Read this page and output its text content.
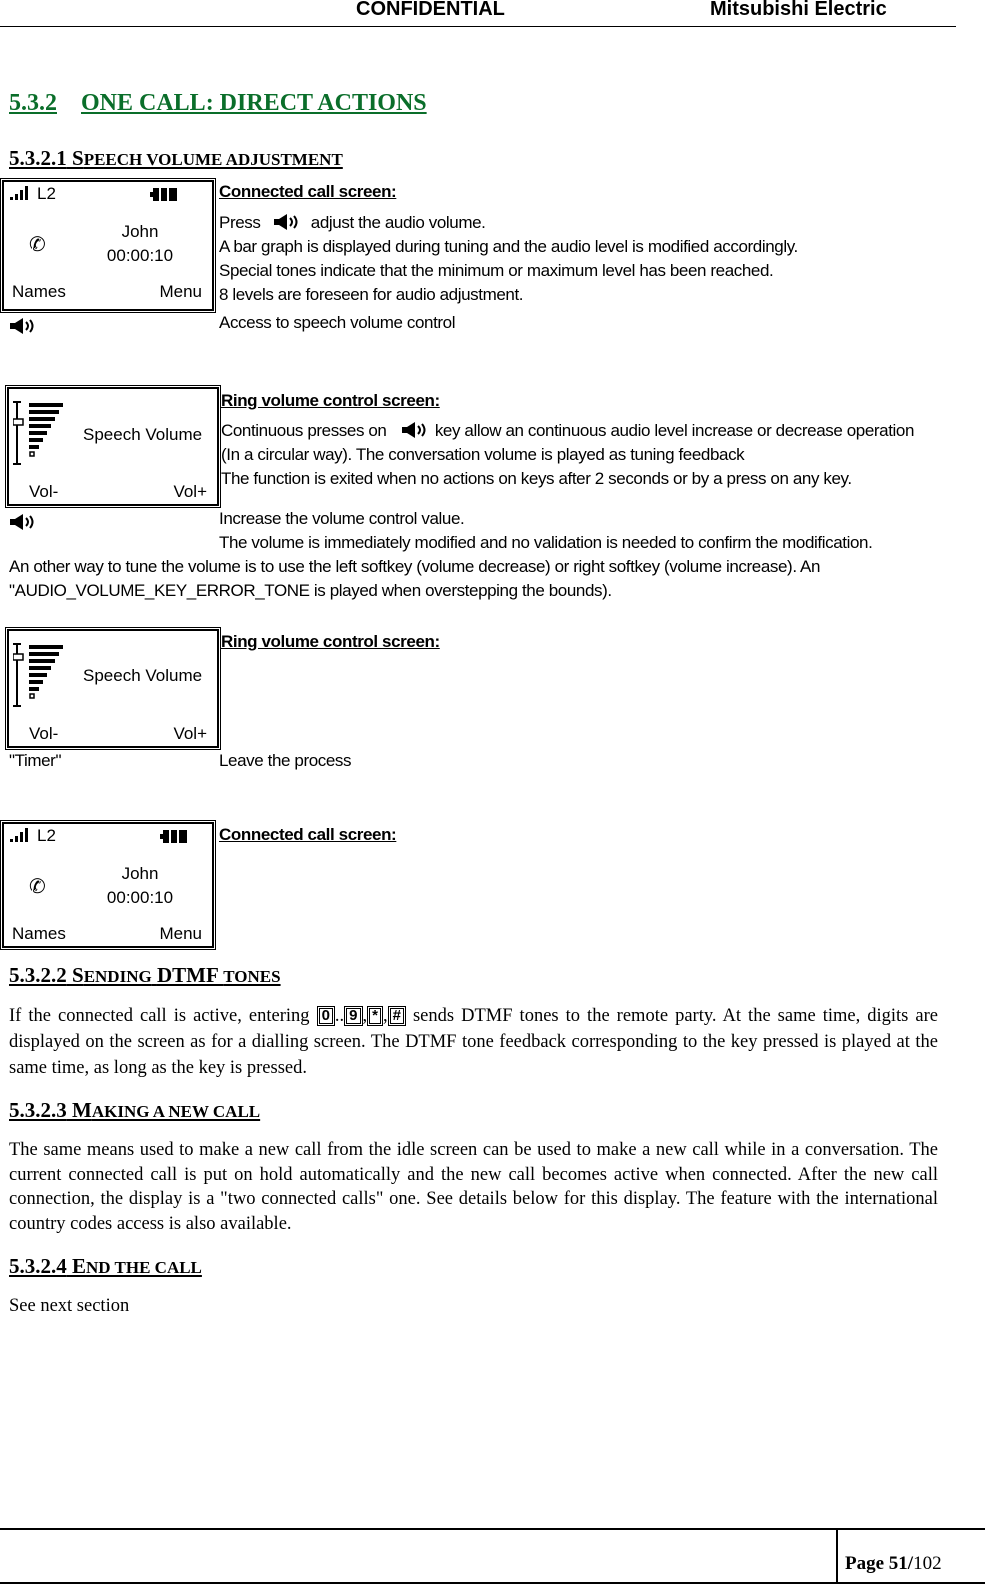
CONFIDENTIAL	Mitsubishi Electric
5.3.2 ONE CALL: DIRECT ACTIONS
5.3.2.1 SPEECH VOLUME ADJUSTMENT
L2
✆
John
00:00:10
Names	Menu
Connected call screen:
Press	adjust the audio volume.
A bar graph is displayed during tuning and the audio level is modified accordingly.
Special tones indicate that the minimum or maximum level has been reached.
8 levels are foreseen for audio adjustment.
Access to speech volume control
Speech Volume
Vol-	Vol+
Ring volume control screen:
Continuous presses on	key allow an continuous audio level increase or decrease operation
(In a circular way). The conversation volume is played as tuning feedback
The function is exited when no actions on keys after 2 seconds or by a press on any key.
Increase the volume control value.
The volume is immediately modified and no validation is needed to confirm the modification.
An other way to tune the volume is to use the left softkey (volume decrease) or right softkey (volume increase). An
"AUDIO_VOLUME_KEY_ERROR_TONE is played when overstepping the bounds).
Speech Volume
Vol-	Vol+
Ring volume control screen:
"Timer"	Leave the process
L2
✆
John
00:00:10
Names	Menu
Connected call screen:
5.3.2.2 SENDING DTMF TONES
If the connected call is active, entering 0 .. 9 , * , # sends DTMF tones to the remote party. At the same time, digits are displayed on the screen as for a dialling screen. The DTMF tone feedback corresponding to the key pressed is played at the same time, as long as the key is pressed.
5.3.2.3 MAKING A NEW CALL
The same means used to make a new call from the idle screen can be used to make a new call while in a conversation. The current connected call is put on hold automatically and the new call becomes active when connected. After the new call connection, the display is a "two connected calls" one. See details below for this display. The feature with the international country codes access is also available.
5.3.2.4 END THE CALL
See next section
Page 51/102
